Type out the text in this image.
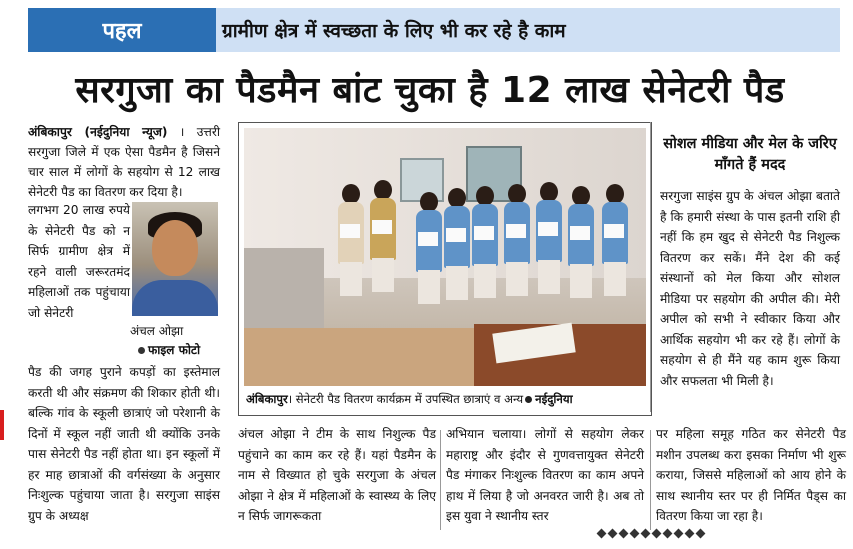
पहल	ग्रामीण क्षेत्र में स्वच्छता के लिए भी कर रहे है काम
सरगुजा का पैडमैन बांट चुका है 12 लाख सेनेटरी पैड

अंबिकापुर (नईदुनिया न्यूज) । उत्तरी सरगुजा जिले में एक ऐसा पैडमैन है जिसने चार साल में लोगों के सहयोग से 12 लाख सेनेटरी पैड का वितरण कर दिया है।

लगभग 20 लाख रुपये के सेनेटरी पैड को न सिर्फ ग्रामीण क्षेत्र में रहने वाली जरूरतमंद महिलाओं तक पहुंचाया जो सेनेटरी
अंचल ओझा
फाइल फोटो
पैड की जगह पुराने कपड़ों का इस्तेमाल करती थी और संक्रमण की शिकार होती थी। बल्कि गांव के स्कूली छात्राएं जो परेशानी के दिनों में स्कूल नहीं जाती थी क्योंकि उनके पास सेनेटरी पैड नहीं होता था। इन स्कूलों में हर माह छात्राओं की वर्गसंख्या के अनुसार निःशुल्क पहुंचाया जाता है। सरगुजा साइंस ग्रुप के अध्यक्ष
अंबिकापुर। सेनेटरी पैड वितरण कार्यक्रम में उपस्थित छात्राएं व अन्य नईदुनिया
सोशल मीडिया और मेल के जरिए माँगते हैं मदद
सरगुजा साइंस ग्रुप के अंचल ओझा बताते है कि हमारी संस्था के पास इतनी राशि ही नहीं कि हम खुद से सेनेटरी पैड निशुल्क वितरण कर सकें। मैंने देश की कई संस्थानों को मेल किया और सोशल मीडिया पर सहयोग की अपील की। मेरी अपील को सभी ने स्वीकार किया और आर्थिक सहयोग भी कर रहे हैं। लोगों के सहयोग से ही मैंने यह काम शुरू किया और सफलता भी मिली है।
अंचल ओझा ने टीम के साथ निशुल्क पैड पहुंचाने का काम कर रहे हैं। यहां पैडमैन के नाम से विख्यात हो चुके सरगुजा के अंचल ओझा ने क्षेत्र में महिलाओं के स्वास्थ्य के लिए न सिर्फ जागरूकता
अभियान चलाया। लोगों से सहयोग लेकर महाराष्ट्र और इंदौर से गुणवत्तायुक्त सेनेटरी पैड मंगाकर निःशुल्क वितरण का काम अपने हाथ में लिया है जो अनवरत जारी है। अब तो इस युवा ने स्थानीय स्तर
पर महिला समूह गठित कर सेनेटरी पैड मशीन उपलब्ध करा इसका निर्माण भी शुरू कराया, जिससे महिलाओं को आय होने के साथ स्थानीय स्तर पर ही निर्मित पैड्स का वितरण किया जा रहा है।
